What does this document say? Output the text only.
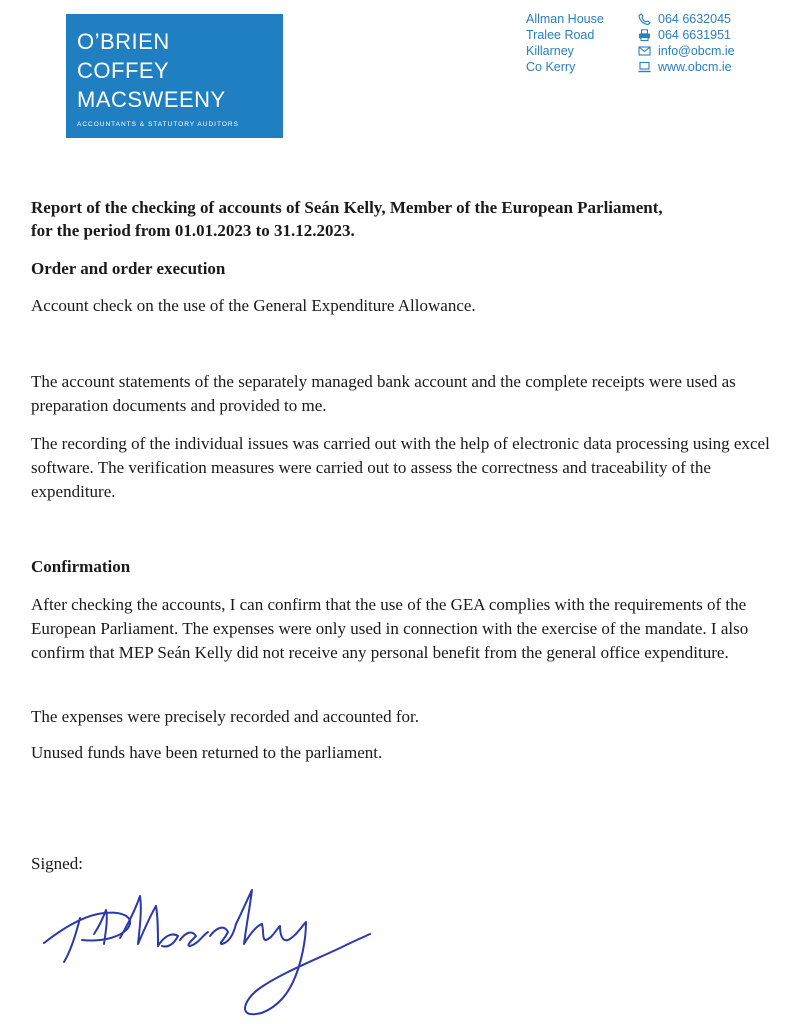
O’BRIEN
COFFEY
MACSWEENY
ACCOUNTANTS & STATUTORY AUDITORS
Allman House
Tralee Road
Killarney
Co Kerry
064 6632045
064 6631951
info@obcm.ie
www.obcm.ie

Report of the checking of accounts of Seán Kelly, Member of the European Parliament,

for the period from 01.01.2023 to 31.12.2023.

Order and order execution

Account check on the use of the General Expenditure Allowance.

The account statements of the separately managed bank account and the complete receipts were used as preparation documents and provided to me.

The recording of the individual issues was carried out with the help of electronic data processing using excel software. The verification measures were carried out to assess the correctness and traceability of the expenditure.

Confirmation

After checking the accounts, I can confirm that the use of the GEA complies with the requirements of the European Parliament. The expenses were only used in connection with the exercise of the mandate. I also confirm that MEP Seán Kelly did not receive any personal benefit from the general office expenditure.

The expenses were precisely recorded and accounted for.

Unused funds have been returned to the parliament.

Signed:
